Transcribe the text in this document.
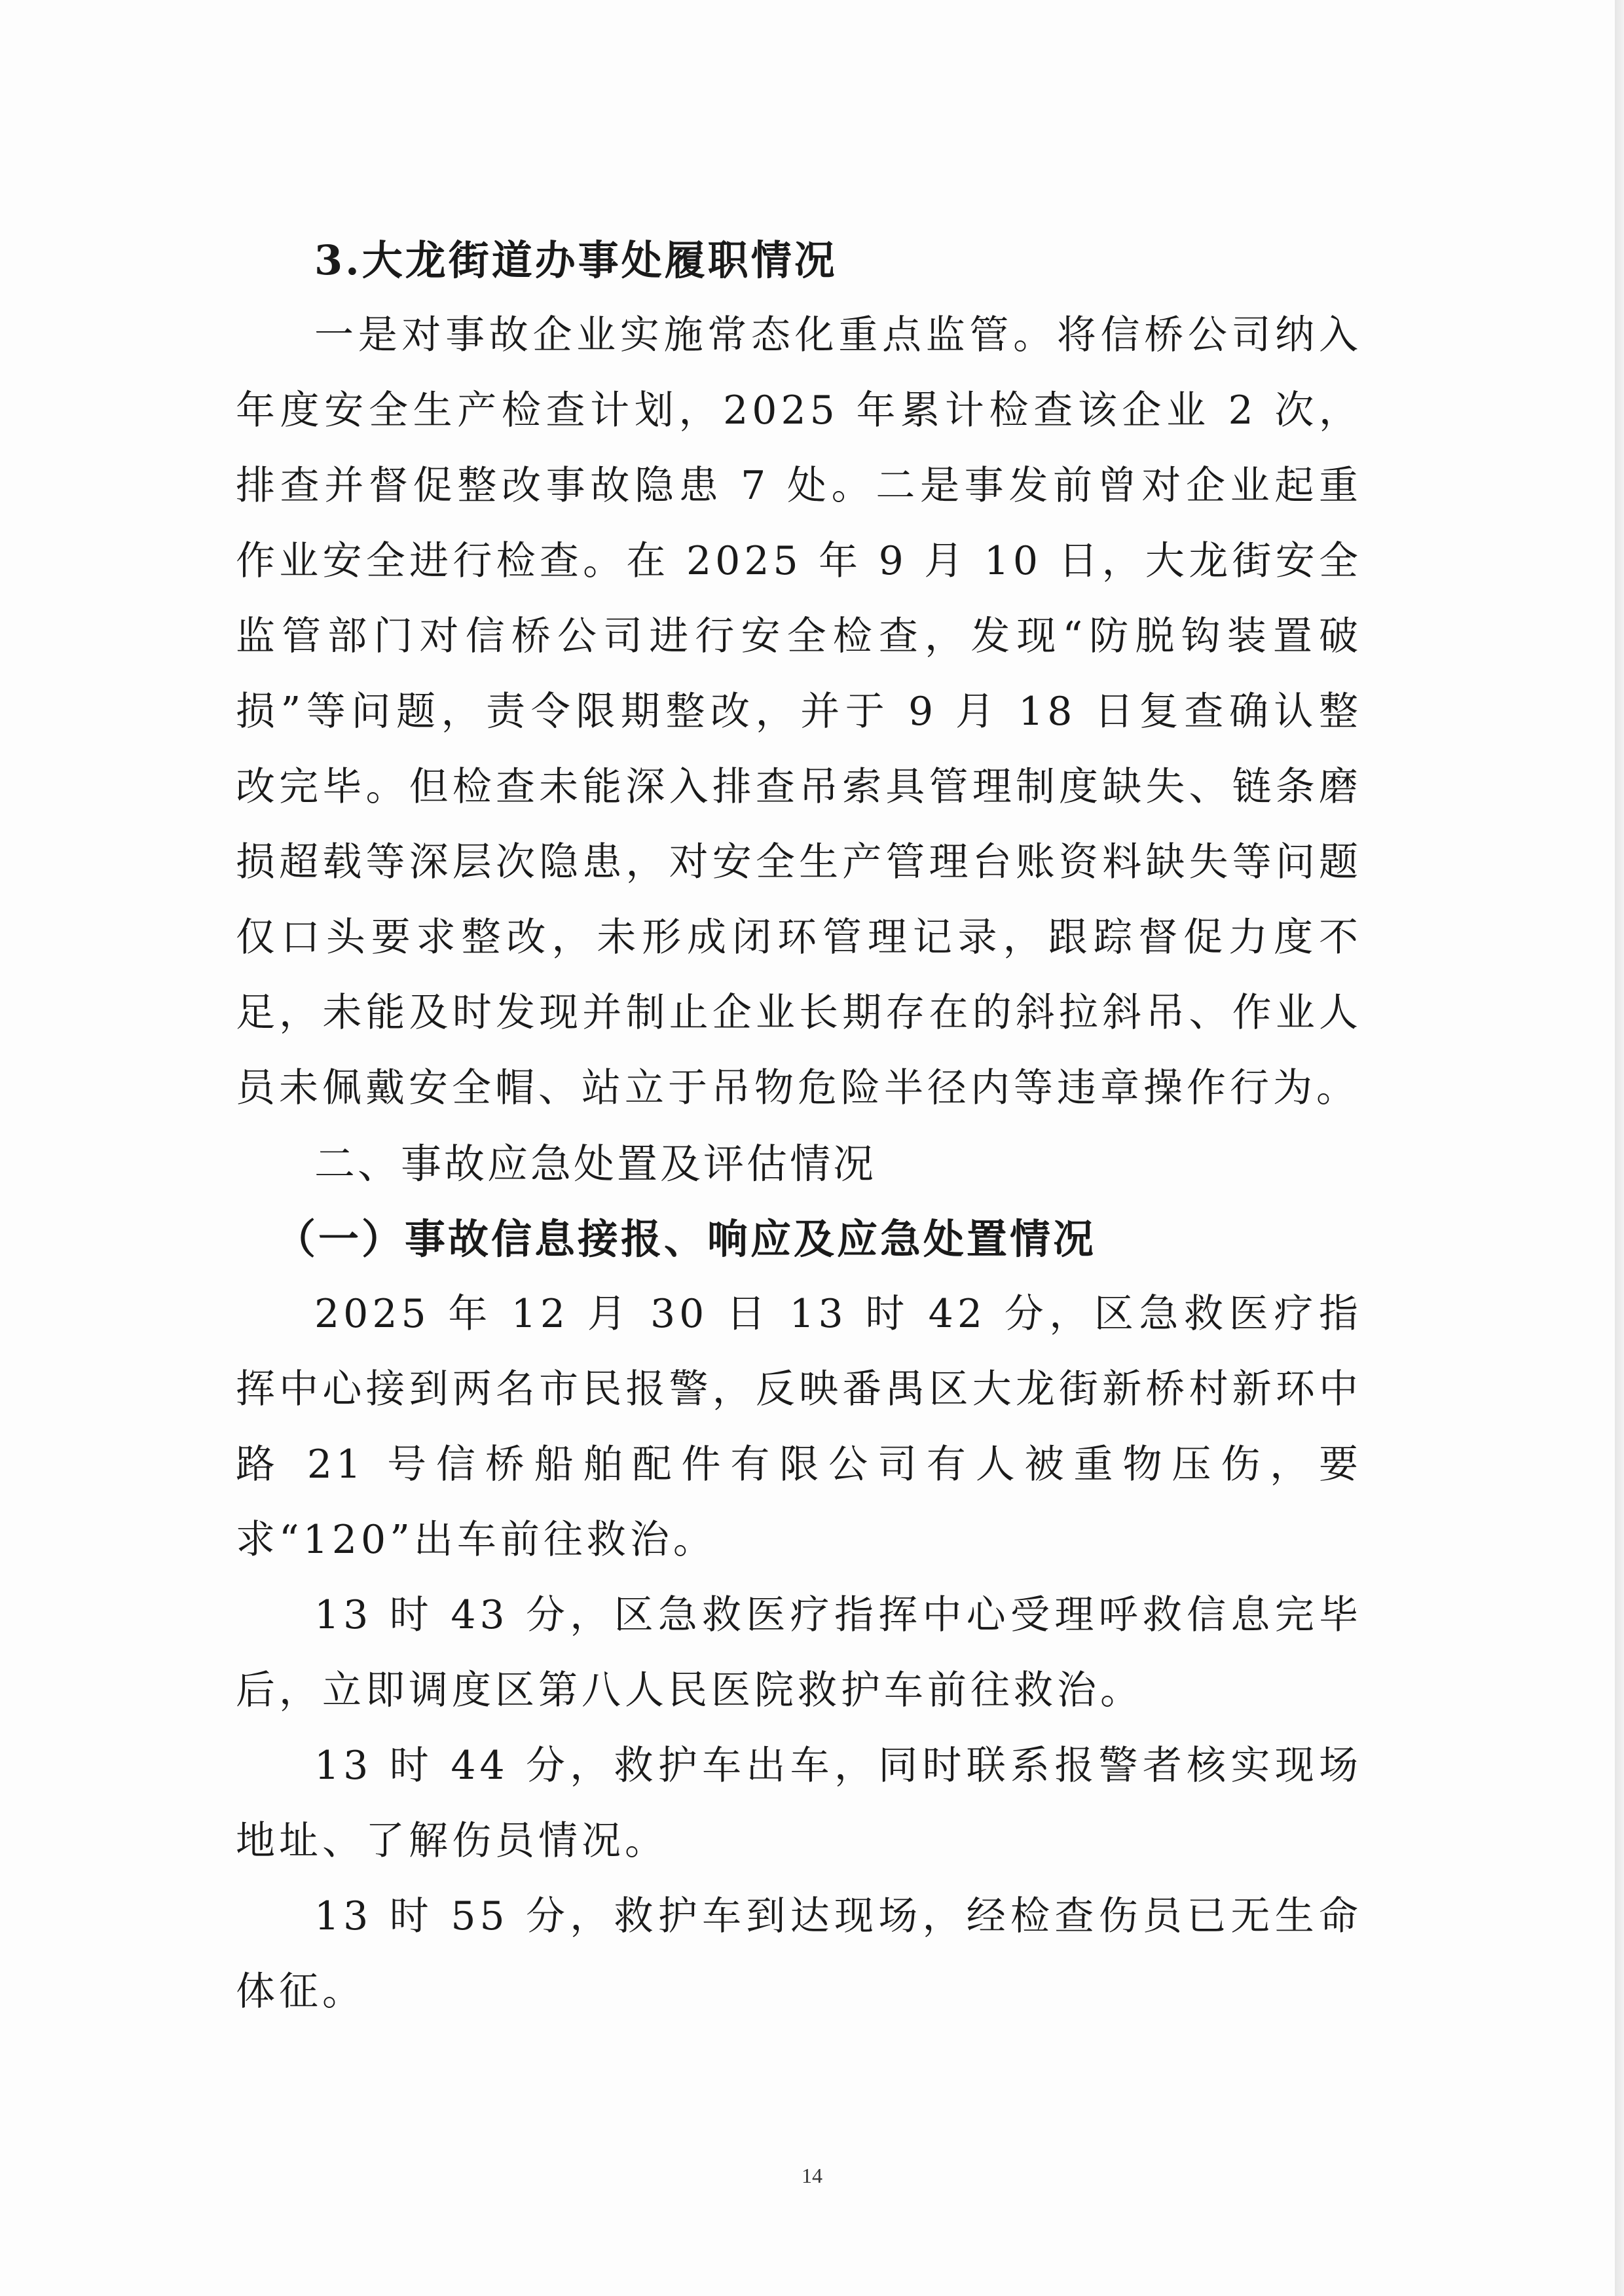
3.大龙街道办事处履职情况

一是对事故企业实施常态化重点监管。将信桥公司纳入年度安全生产检查计划，2025 年累计检查该企业 2 次，排查并督促整改事故隐患 7 处。二是事发前曾对企业起重作业安全进行检查。在 2025 年 9 月 10 日，大龙街安全监管部门对信桥公司进行安全检查，发现“防脱钩装置破损”等问题，责令限期整改，并于 9 月 18 日复查确认整改完毕。但检查未能深入排查吊索具管理制度缺失、链条磨损超载等深层次隐患，对安全生产管理台账资料缺失等问题仅口头要求整改，未形成闭环管理记录，跟踪督促力度不足，未能及时发现并制止企业长期存在的斜拉斜吊、作业人员未佩戴安全帽、站立于吊物危险半径内等违章操作行为。

二、事故应急处置及评估情况

（一）事故信息接报、响应及应急处置情况

2025 年 12 月 30 日 13 时 42 分，区急救医疗指挥中心接到两名市民报警，反映番禺区大龙街新桥村新环中路 21 号信桥船舶配件有限公司有人被重物压伤，要求“120”出车前往救治。

13 时 43 分，区急救医疗指挥中心受理呼救信息完毕后，立即调度区第八人民医院救护车前往救治。

13 时 44 分，救护车出车，同时联系报警者核实现场地址、了解伤员情况。

13 时 55 分，救护车到达现场，经检查伤员已无生命体征。

14
